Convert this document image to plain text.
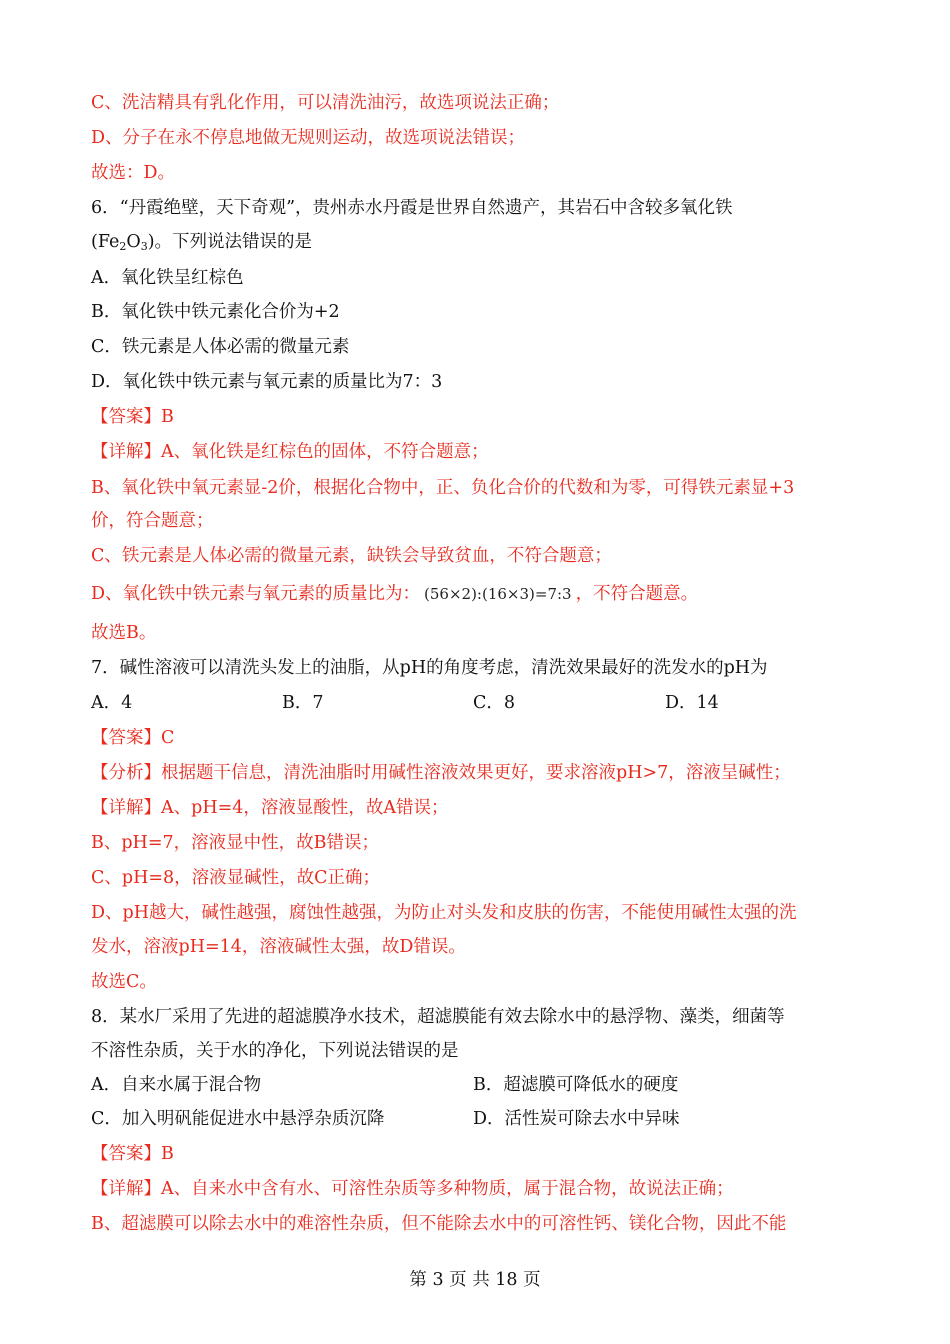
C、洗洁精具有乳化作用，可以清洗油污，故选项说法正确；
D、分子在永不停息地做无规则运动，故选项说法错误；
故选：D。
6．“丹霞绝壁，天下奇观”，贵州赤水丹霞是世界自然遗产，其岩石中含较多氧化铁
$(Fe_2O_3)$。下列说法错误的是
A．氧化铁呈红棕色
B．氧化铁中铁元素化合价为+2
C．铁元素是人体必需的微量元素
D．氧化铁中铁元素与氧元素的质量比为7：3
【答案】B
【详解】A、氧化铁是红棕色的固体，不符合题意；
B、氧化铁中氧元素显-2价，根据化合物中，正、负化合价的代数和为零，可得铁元素显+3
价，符合题意；
C、铁元素是人体必需的微量元素，缺铁会导致贫血，不符合题意；
D、氧化铁中铁元素与氧元素的质量比为： (56×2):(16×3)=7:3 ，不符合题意。
故选B。
7．碱性溶液可以清洗头发上的油脂，从pH的角度考虑，清洗效果最好的洗发水的pH为
A．4	B．7	C．8	D．14
【答案】C
【分析】根据题干信息，清洗油脂时用碱性溶液效果更好，要求溶液pH>7，溶液呈碱性；
【详解】A、pH=4，溶液显酸性，故A错误；
B、pH=7，溶液显中性，故B错误；
C、pH=8，溶液显碱性，故C正确；
D、pH越大，碱性越强，腐蚀性越强，为防止对头发和皮肤的伤害，不能使用碱性太强的洗
发水，溶液pH=14，溶液碱性太强，故D错误。
故选C。
8．某水厂采用了先进的超滤膜净水技术，超滤膜能有效去除水中的悬浮物、藻类，细菌等
不溶性杂质，关于水的净化，下列说法错误的是
A．自来水属于混合物	B．超滤膜可降低水的硬度
C．加入明矾能促进水中悬浮杂质沉降	D．活性炭可除去水中异味
【答案】B
【详解】A、自来水中含有水、可溶性杂质等多种物质，属于混合物，故说法正确；
B、超滤膜可以除去水中的难溶性杂质，但不能除去水中的可溶性钙、镁化合物，因此不能
第 3 页 共 18 页
